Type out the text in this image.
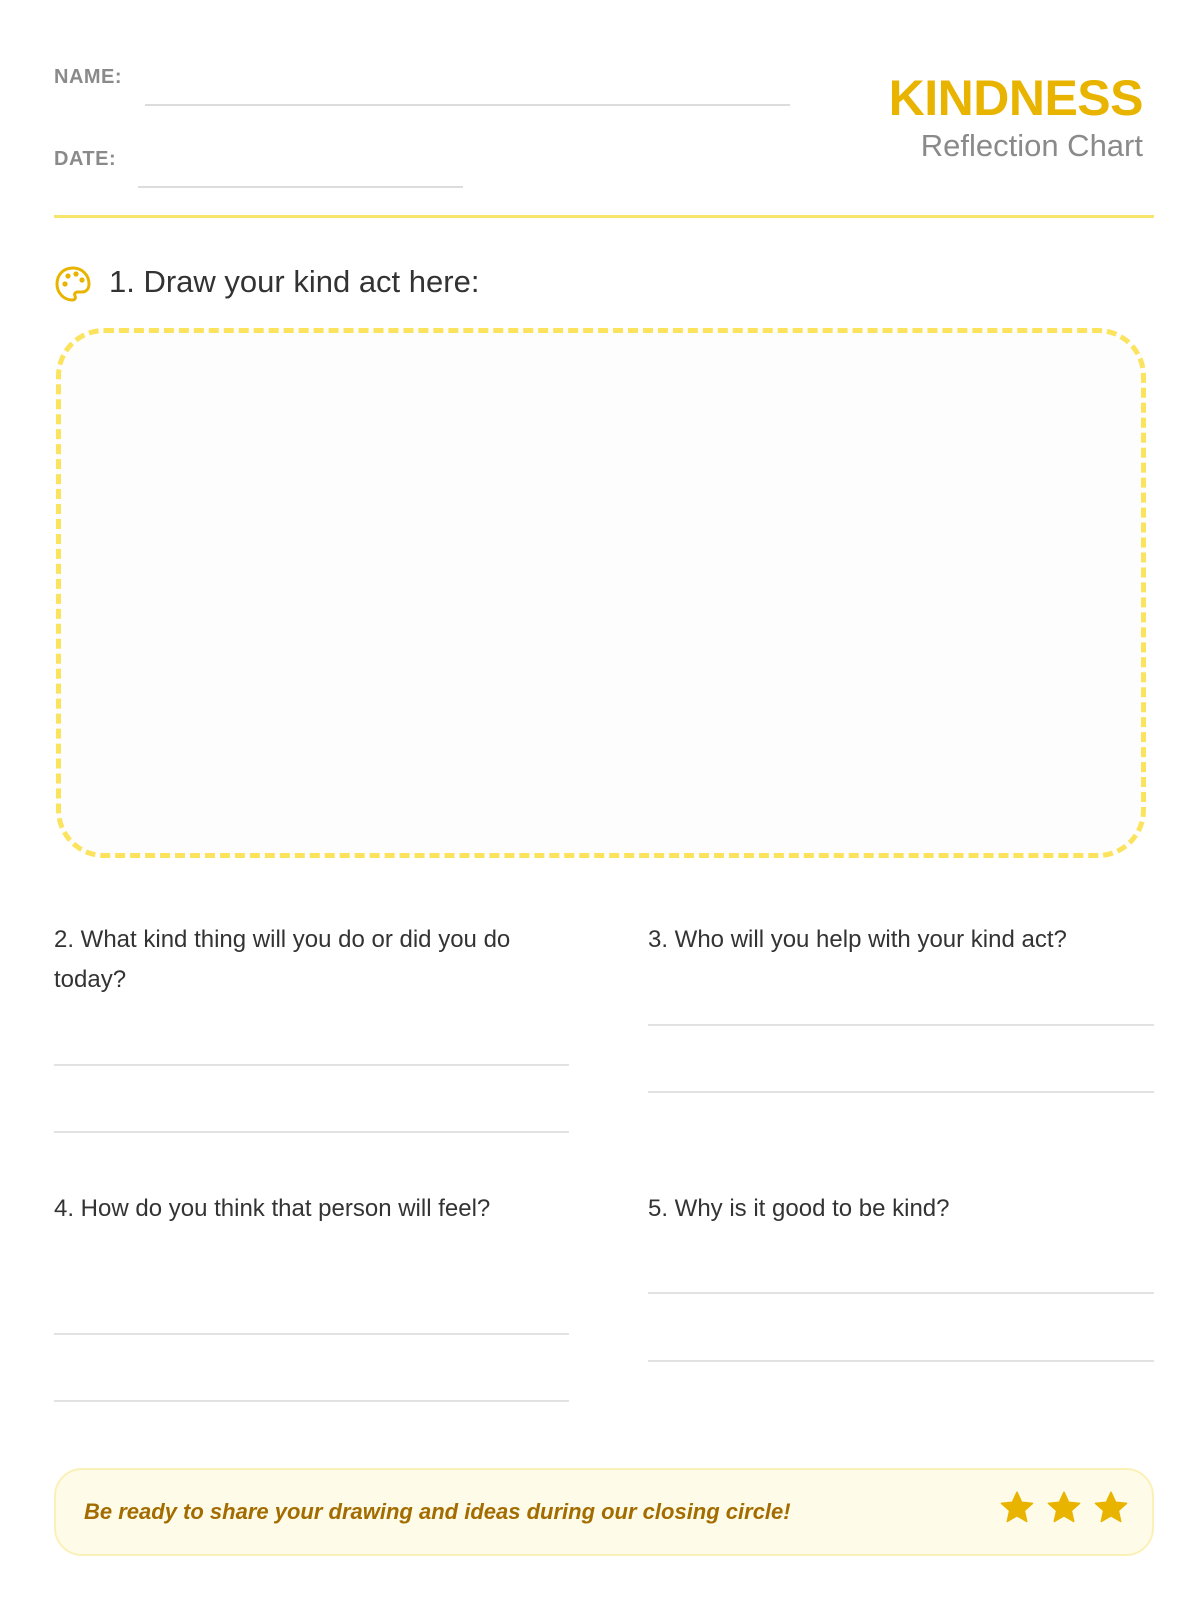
NAME:
DATE:
KINDNESS
Reflection Chart
1. Draw your kind act here:
2. What kind thing will you do or did you do today?
3. Who will you help with your kind act?
4. How do you think that person will feel?	5. Why is it good to be kind?
Be ready to share your drawing and ideas during our closing circle!
